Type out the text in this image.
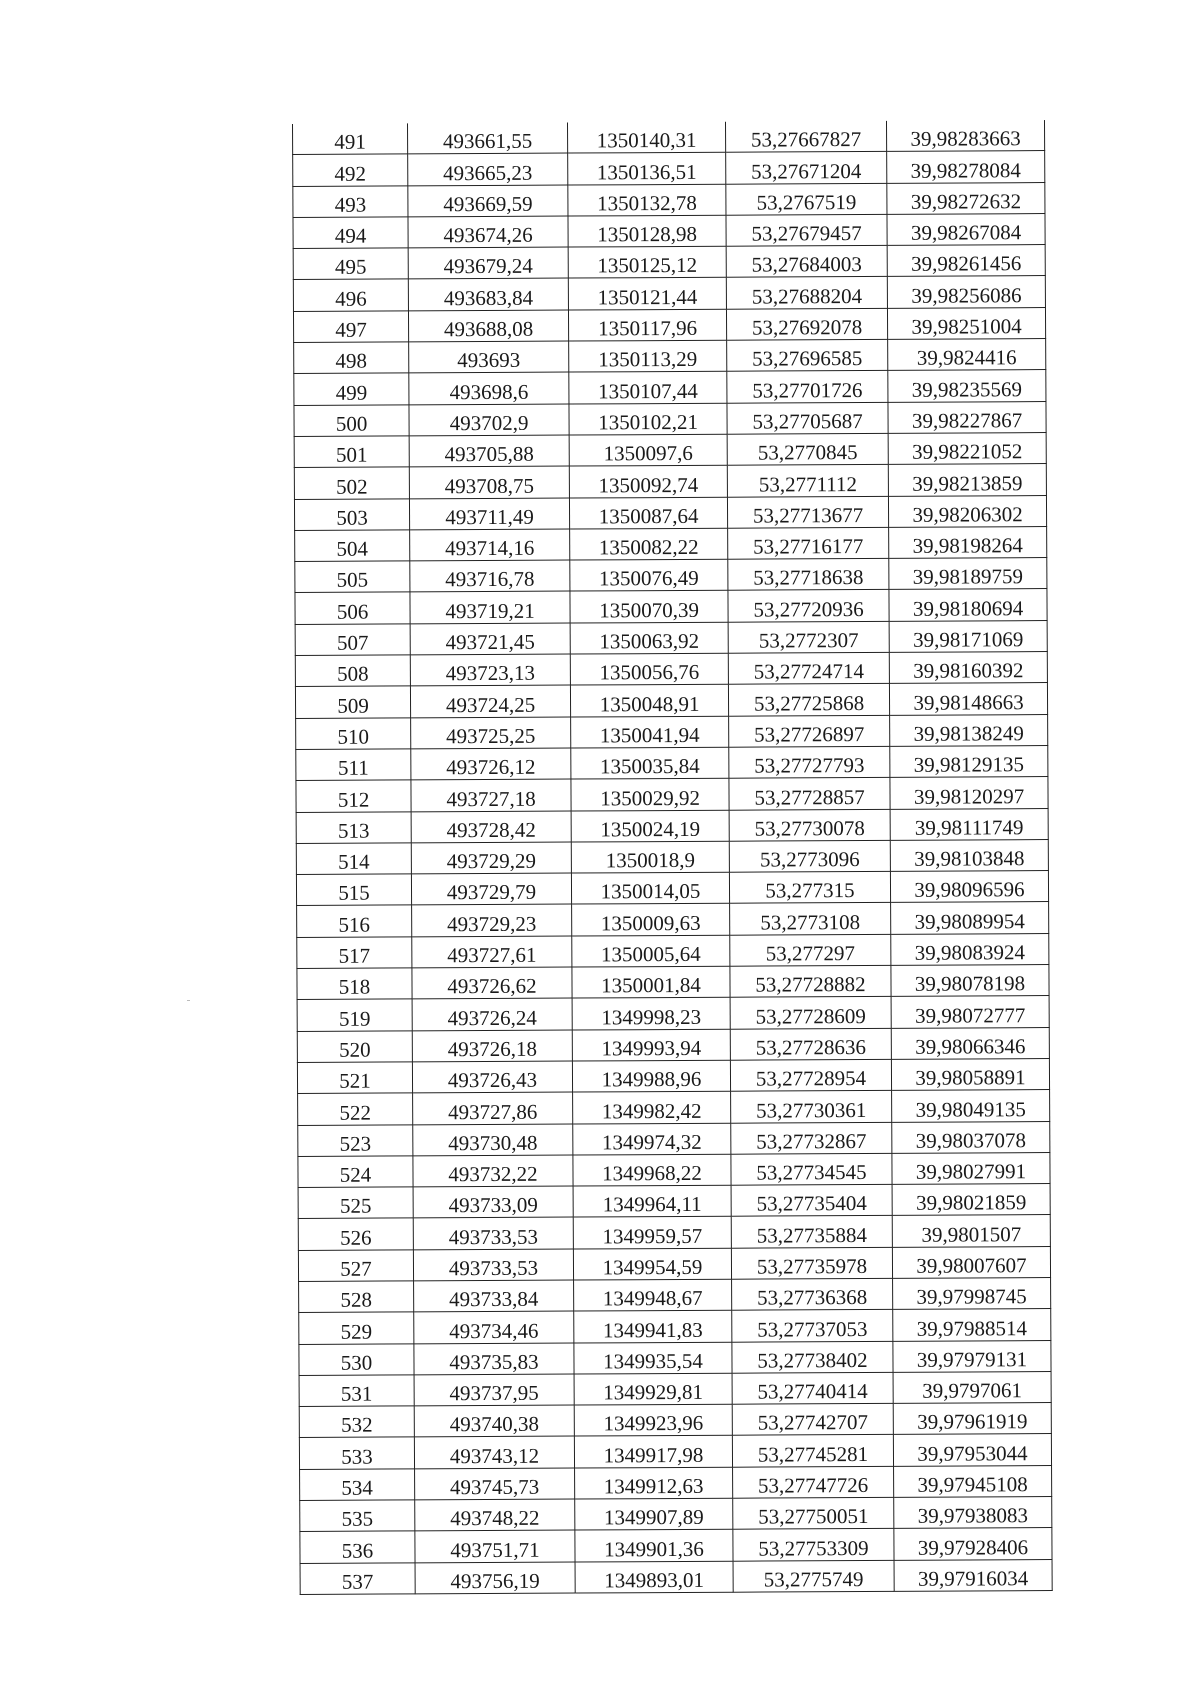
491	493661,55	1350140,31	53,27667827	39,98283663
492	493665,23	1350136,51	53,27671204	39,98278084
493	493669,59	1350132,78	53,2767519	39,98272632
494	493674,26	1350128,98	53,27679457	39,98267084
495	493679,24	1350125,12	53,27684003	39,98261456
496	493683,84	1350121,44	53,27688204	39,98256086
497	493688,08	1350117,96	53,27692078	39,98251004
498	493693	1350113,29	53,27696585	39,9824416
499	493698,6	1350107,44	53,27701726	39,98235569
500	493702,9	1350102,21	53,27705687	39,98227867
501	493705,88	1350097,6	53,2770845	39,98221052
502	493708,75	1350092,74	53,2771112	39,98213859
503	493711,49	1350087,64	53,27713677	39,98206302
504	493714,16	1350082,22	53,27716177	39,98198264
505	493716,78	1350076,49	53,27718638	39,98189759
506	493719,21	1350070,39	53,27720936	39,98180694
507	493721,45	1350063,92	53,2772307	39,98171069
508	493723,13	1350056,76	53,27724714	39,98160392
509	493724,25	1350048,91	53,27725868	39,98148663
510	493725,25	1350041,94	53,27726897	39,98138249
511	493726,12	1350035,84	53,27727793	39,98129135
512	493727,18	1350029,92	53,27728857	39,98120297
513	493728,42	1350024,19	53,27730078	39,98111749
514	493729,29	1350018,9	53,2773096	39,98103848
515	493729,79	1350014,05	53,277315	39,98096596
516	493729,23	1350009,63	53,2773108	39,98089954
517	493727,61	1350005,64	53,277297	39,98083924
518	493726,62	1350001,84	53,27728882	39,98078198
519	493726,24	1349998,23	53,27728609	39,98072777
520	493726,18	1349993,94	53,27728636	39,98066346
521	493726,43	1349988,96	53,27728954	39,98058891
522	493727,86	1349982,42	53,27730361	39,98049135
523	493730,48	1349974,32	53,27732867	39,98037078
524	493732,22	1349968,22	53,27734545	39,98027991
525	493733,09	1349964,11	53,27735404	39,98021859
526	493733,53	1349959,57	53,27735884	39,9801507
527	493733,53	1349954,59	53,27735978	39,98007607
528	493733,84	1349948,67	53,27736368	39,97998745
529	493734,46	1349941,83	53,27737053	39,97988514
530	493735,83	1349935,54	53,27738402	39,97979131
531	493737,95	1349929,81	53,27740414	39,9797061
532	493740,38	1349923,96	53,27742707	39,97961919
533	493743,12	1349917,98	53,27745281	39,97953044
534	493745,73	1349912,63	53,27747726	39,97945108
535	493748,22	1349907,89	53,27750051	39,97938083
536	493751,71	1349901,36	53,27753309	39,97928406
537	493756,19	1349893,01	53,2775749	39,97916034
